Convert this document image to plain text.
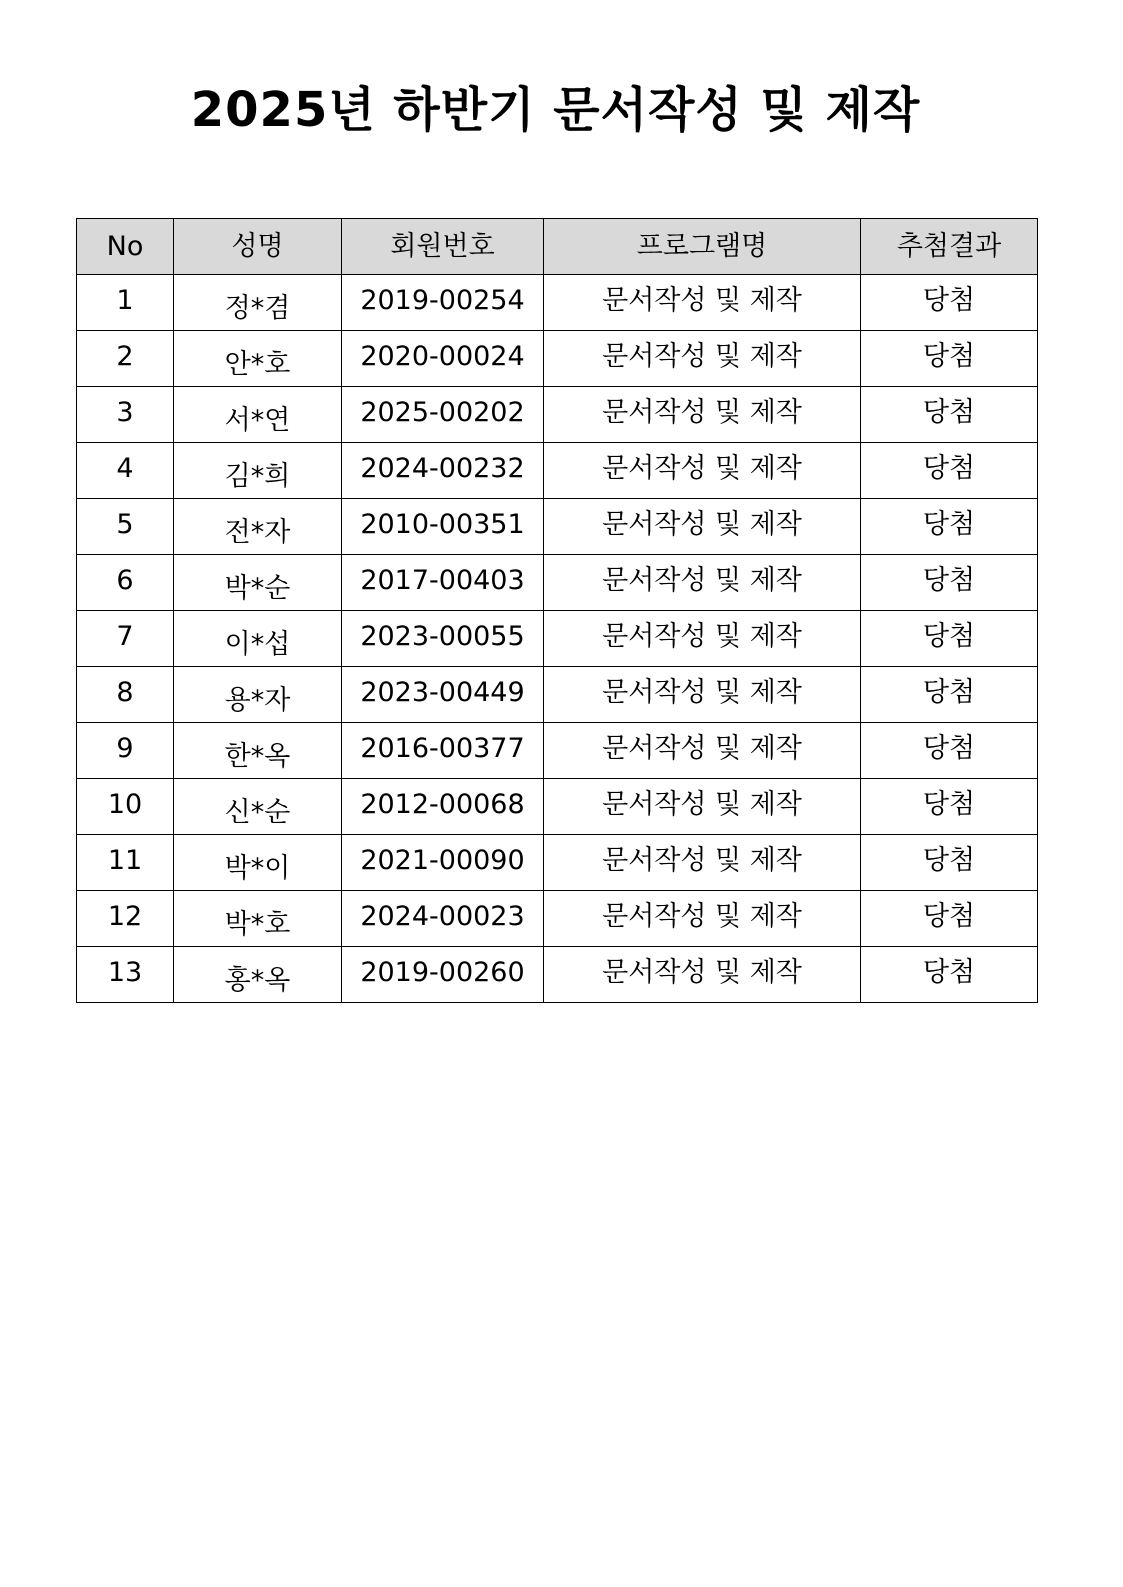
2025년 하반기 문서작성 및 제작
No	성명	회원번호	프로그램명	추첨결과
1	정*겸	2019-00254	문서작성 및 제작	당첨
2	안*호	2020-00024	문서작성 및 제작	당첨
3	서*연	2025-00202	문서작성 및 제작	당첨
4	김*희	2024-00232	문서작성 및 제작	당첨
5	전*자	2010-00351	문서작성 및 제작	당첨
6	박*순	2017-00403	문서작성 및 제작	당첨
7	이*섭	2023-00055	문서작성 및 제작	당첨
8	용*자	2023-00449	문서작성 및 제작	당첨
9	한*옥	2016-00377	문서작성 및 제작	당첨
10	신*순	2012-00068	문서작성 및 제작	당첨
11	박*이	2021-00090	문서작성 및 제작	당첨
12	박*호	2024-00023	문서작성 및 제작	당첨
13	홍*옥	2019-00260	문서작성 및 제작	당첨
